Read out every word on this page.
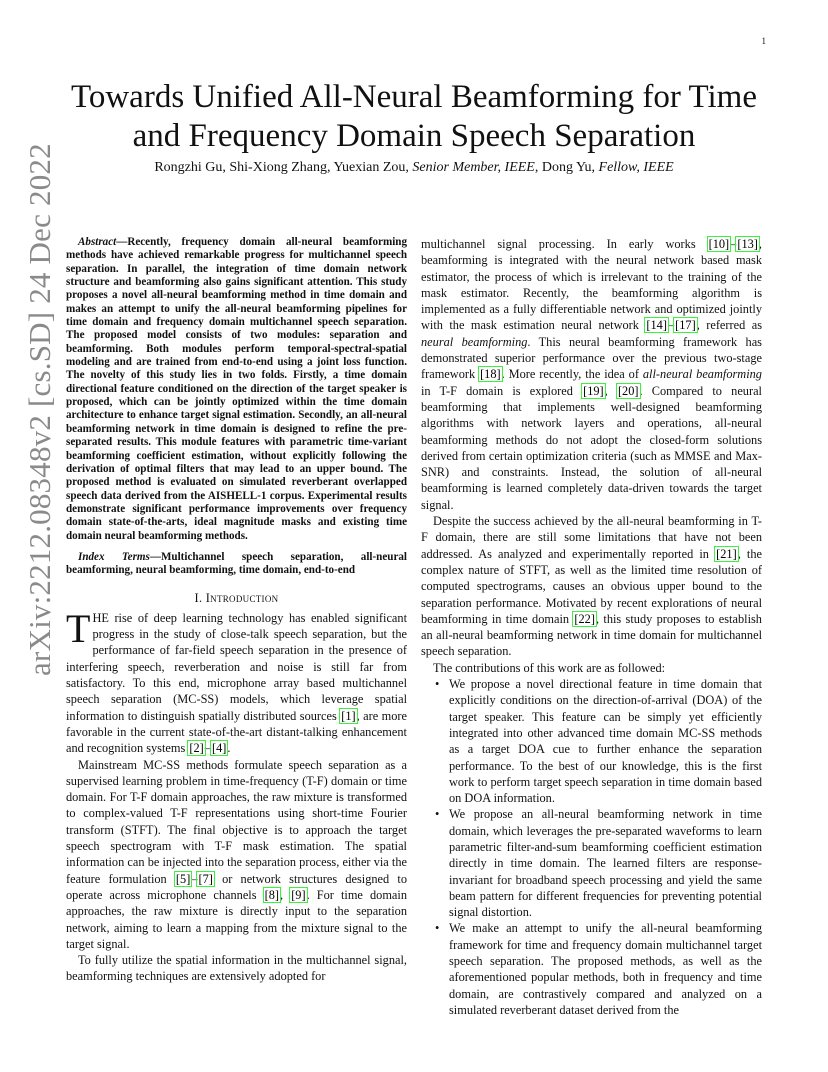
1
arXiv:2212.08348v2 [cs.SD] 24 Dec 2022
Towards Unified All-Neural Beamforming for Time and Frequency Domain Speech Separation
Rongzhi Gu, Shi-Xiong Zhang, Yuexian Zou, Senior Member, IEEE, Dong Yu, Fellow, IEEE

Abstract—Recently, frequency domain all-neural beamforming methods have achieved remarkable progress for multichannel speech separation. In parallel, the integration of time domain network structure and beamforming also gains significant attention. This study proposes a novel all-neural beamforming method in time domain and makes an attempt to unify the all-neural beamforming pipelines for time domain and frequency domain multichannel speech separation. The proposed model consists of two modules: separation and beamforming. Both modules perform temporal-spectral-spatial modeling and are trained from end-to-end using a joint loss function. The novelty of this study lies in two folds. Firstly, a time domain directional feature conditioned on the direction of the target speaker is proposed, which can be jointly optimized within the time domain architecture to enhance target signal estimation. Secondly, an all-neural beamforming network in time domain is designed to refine the pre-separated results. This module features with parametric time-variant beamforming coefficient estimation, without explicitly following the derivation of optimal filters that may lead to an upper bound. The proposed method is evaluated on simulated reverberant overlapped speech data derived from the AISHELL-1 corpus. Experimental results demonstrate significant performance improvements over frequency domain state-of-the-arts, ideal magnitude masks and existing time domain neural beamforming methods.

Index Terms—Multichannel speech separation, all-neural beamforming, neural beamforming, time domain, end-to-end

I. Introduction

THE rise of deep learning technology has enabled significant progress in the study of close-talk speech separation, but the performance of far-field speech separation in the presence of interfering speech, reverberation and noise is still far from satisfactory. To this end, microphone array based multichannel speech separation (MC-SS) models, which leverage spatial information to distinguish spatially distributed sources [1], are more favorable in the current state-of-the-art distant-talking enhancement and recognition systems [2]–[4].

Mainstream MC-SS methods formulate speech separation as a supervised learning problem in time-frequency (T-F) domain or time domain. For T-F domain approaches, the raw mixture is transformed to complex-valued T-F representations using short-time Fourier transform (STFT). The final objective is to approach the target speech spectrogram with T-F mask estimation. The spatial information can be injected into the separation process, either via the feature formulation [5]–[7] or network structures designed to operate across microphone channels [8], [9]. For time domain approaches, the raw mixture is directly input to the separation network, aiming to learn a mapping from the mixture signal to the target signal.

To fully utilize the spatial information in the multichannel signal, beamforming techniques are extensively adopted for

multichannel signal processing. In early works [10]–[13], beamforming is integrated with the neural network based mask estimator, the process of which is irrelevant to the training of the mask estimator. Recently, the beamforming algorithm is implemented as a fully differentiable network and optimized jointly with the mask estimation neural network [14]–[17], referred as neural beamforming. This neural beamforming framework has demonstrated superior performance over the previous two-stage framework [18]. More recently, the idea of all-neural beamforming in T-F domain is explored [19], [20]. Compared to neural beamforming that implements well-designed beamforming algorithms with network layers and operations, all-neural beamforming methods do not adopt the closed-form solutions derived from certain optimization criteria (such as MMSE and Max-SNR) and constraints. Instead, the solution of all-neural beamforming is learned completely data-driven towards the target signal.

Despite the success achieved by the all-neural beamforming in T-F domain, there are still some limitations that have not been addressed. As analyzed and experimentally reported in [21], the complex nature of STFT, as well as the limited time resolution of computed spectrograms, causes an obvious upper bound to the separation performance. Motivated by recent explorations of neural beamforming in time domain [22], this study proposes to establish an all-neural beamforming network in time domain for multichannel speech separation.

The contributions of this work are as followed:

• We propose a novel directional feature in time domain that explicitly conditions on the direction-of-arrival (DOA) of the target speaker. This feature can be simply yet efficiently integrated into other advanced time domain MC-SS methods as a target DOA cue to further enhance the separation performance. To the best of our knowledge, this is the first work to perform target speech separation in time domain based on DOA information.
• We propose an all-neural beamforming network in time domain, which leverages the pre-separated waveforms to learn parametric filter-and-sum beamforming coefficient estimation directly in time domain. The learned filters are response-invariant for broadband speech processing and yield the same beam pattern for different frequencies for preventing potential signal distortion.
• We make an attempt to unify the all-neural beamforming framework for time and frequency domain multichannel target speech separation. The proposed methods, as well as the aforementioned popular methods, both in frequency and time domain, are contrastively compared and analyzed on a simulated reverberant dataset derived from the
